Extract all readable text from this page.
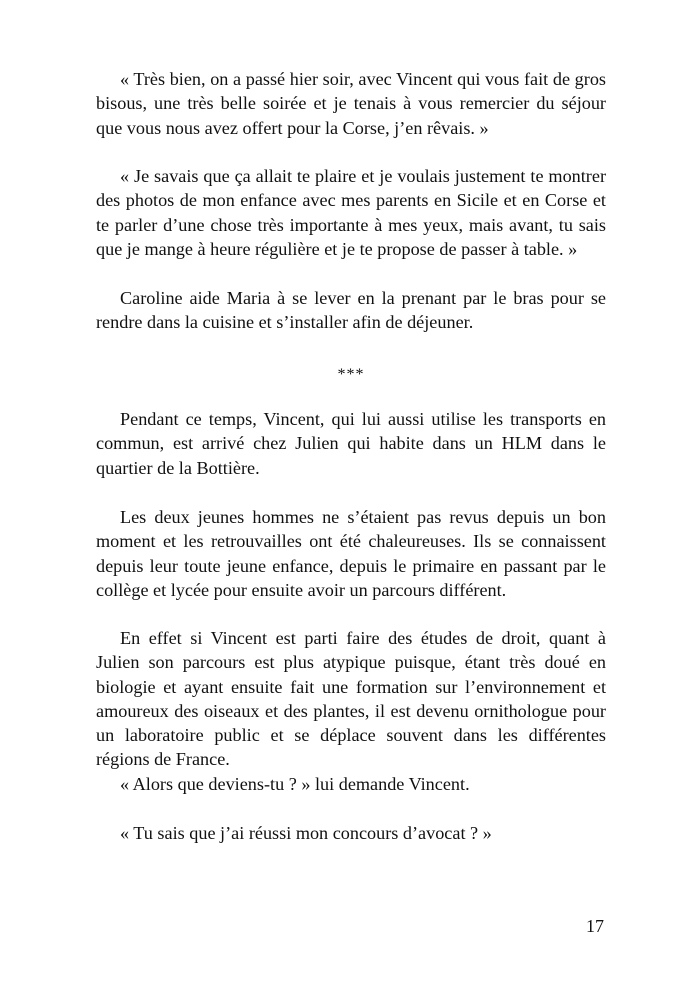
« Très bien, on a passé hier soir, avec Vincent qui vous fait de gros bisous, une très belle soirée et je tenais à vous remercier du séjour que vous nous avez offert pour la Corse, j’en rêvais. »

« Je savais que ça allait te plaire et je voulais justement te montrer des photos de mon enfance avec mes parents en Sicile et en Corse et te parler d’une chose très importante à mes yeux, mais avant, tu sais que je mange à heure régulière et je te propose de passer à table. »

Caroline aide Maria à se lever en la prenant par le bras pour se rendre dans la cuisine et s’installer afin de déjeuner.

***

Pendant ce temps, Vincent, qui lui aussi utilise les transports en commun, est arrivé chez Julien qui habite dans un HLM dans le quartier de la Bottière.

Les deux jeunes hommes ne s’étaient pas revus depuis un bon moment et les retrouvailles ont été chaleureuses. Ils se connaissent depuis leur toute jeune enfance, depuis le primaire en passant par le collège et lycée pour ensuite avoir un parcours différent.

En effet si Vincent est parti faire des études de droit, quant à Julien son parcours est plus atypique puisque, étant très doué en biologie et ayant ensuite fait une formation sur l’environnement et amoureux des oiseaux et des plantes, il est devenu ornithologue pour un laboratoire public et se déplace souvent dans les différentes régions de France.

« Alors que deviens-tu ? » lui demande Vincent.

« Tu sais que j’ai réussi mon concours d’avocat ? »

17
